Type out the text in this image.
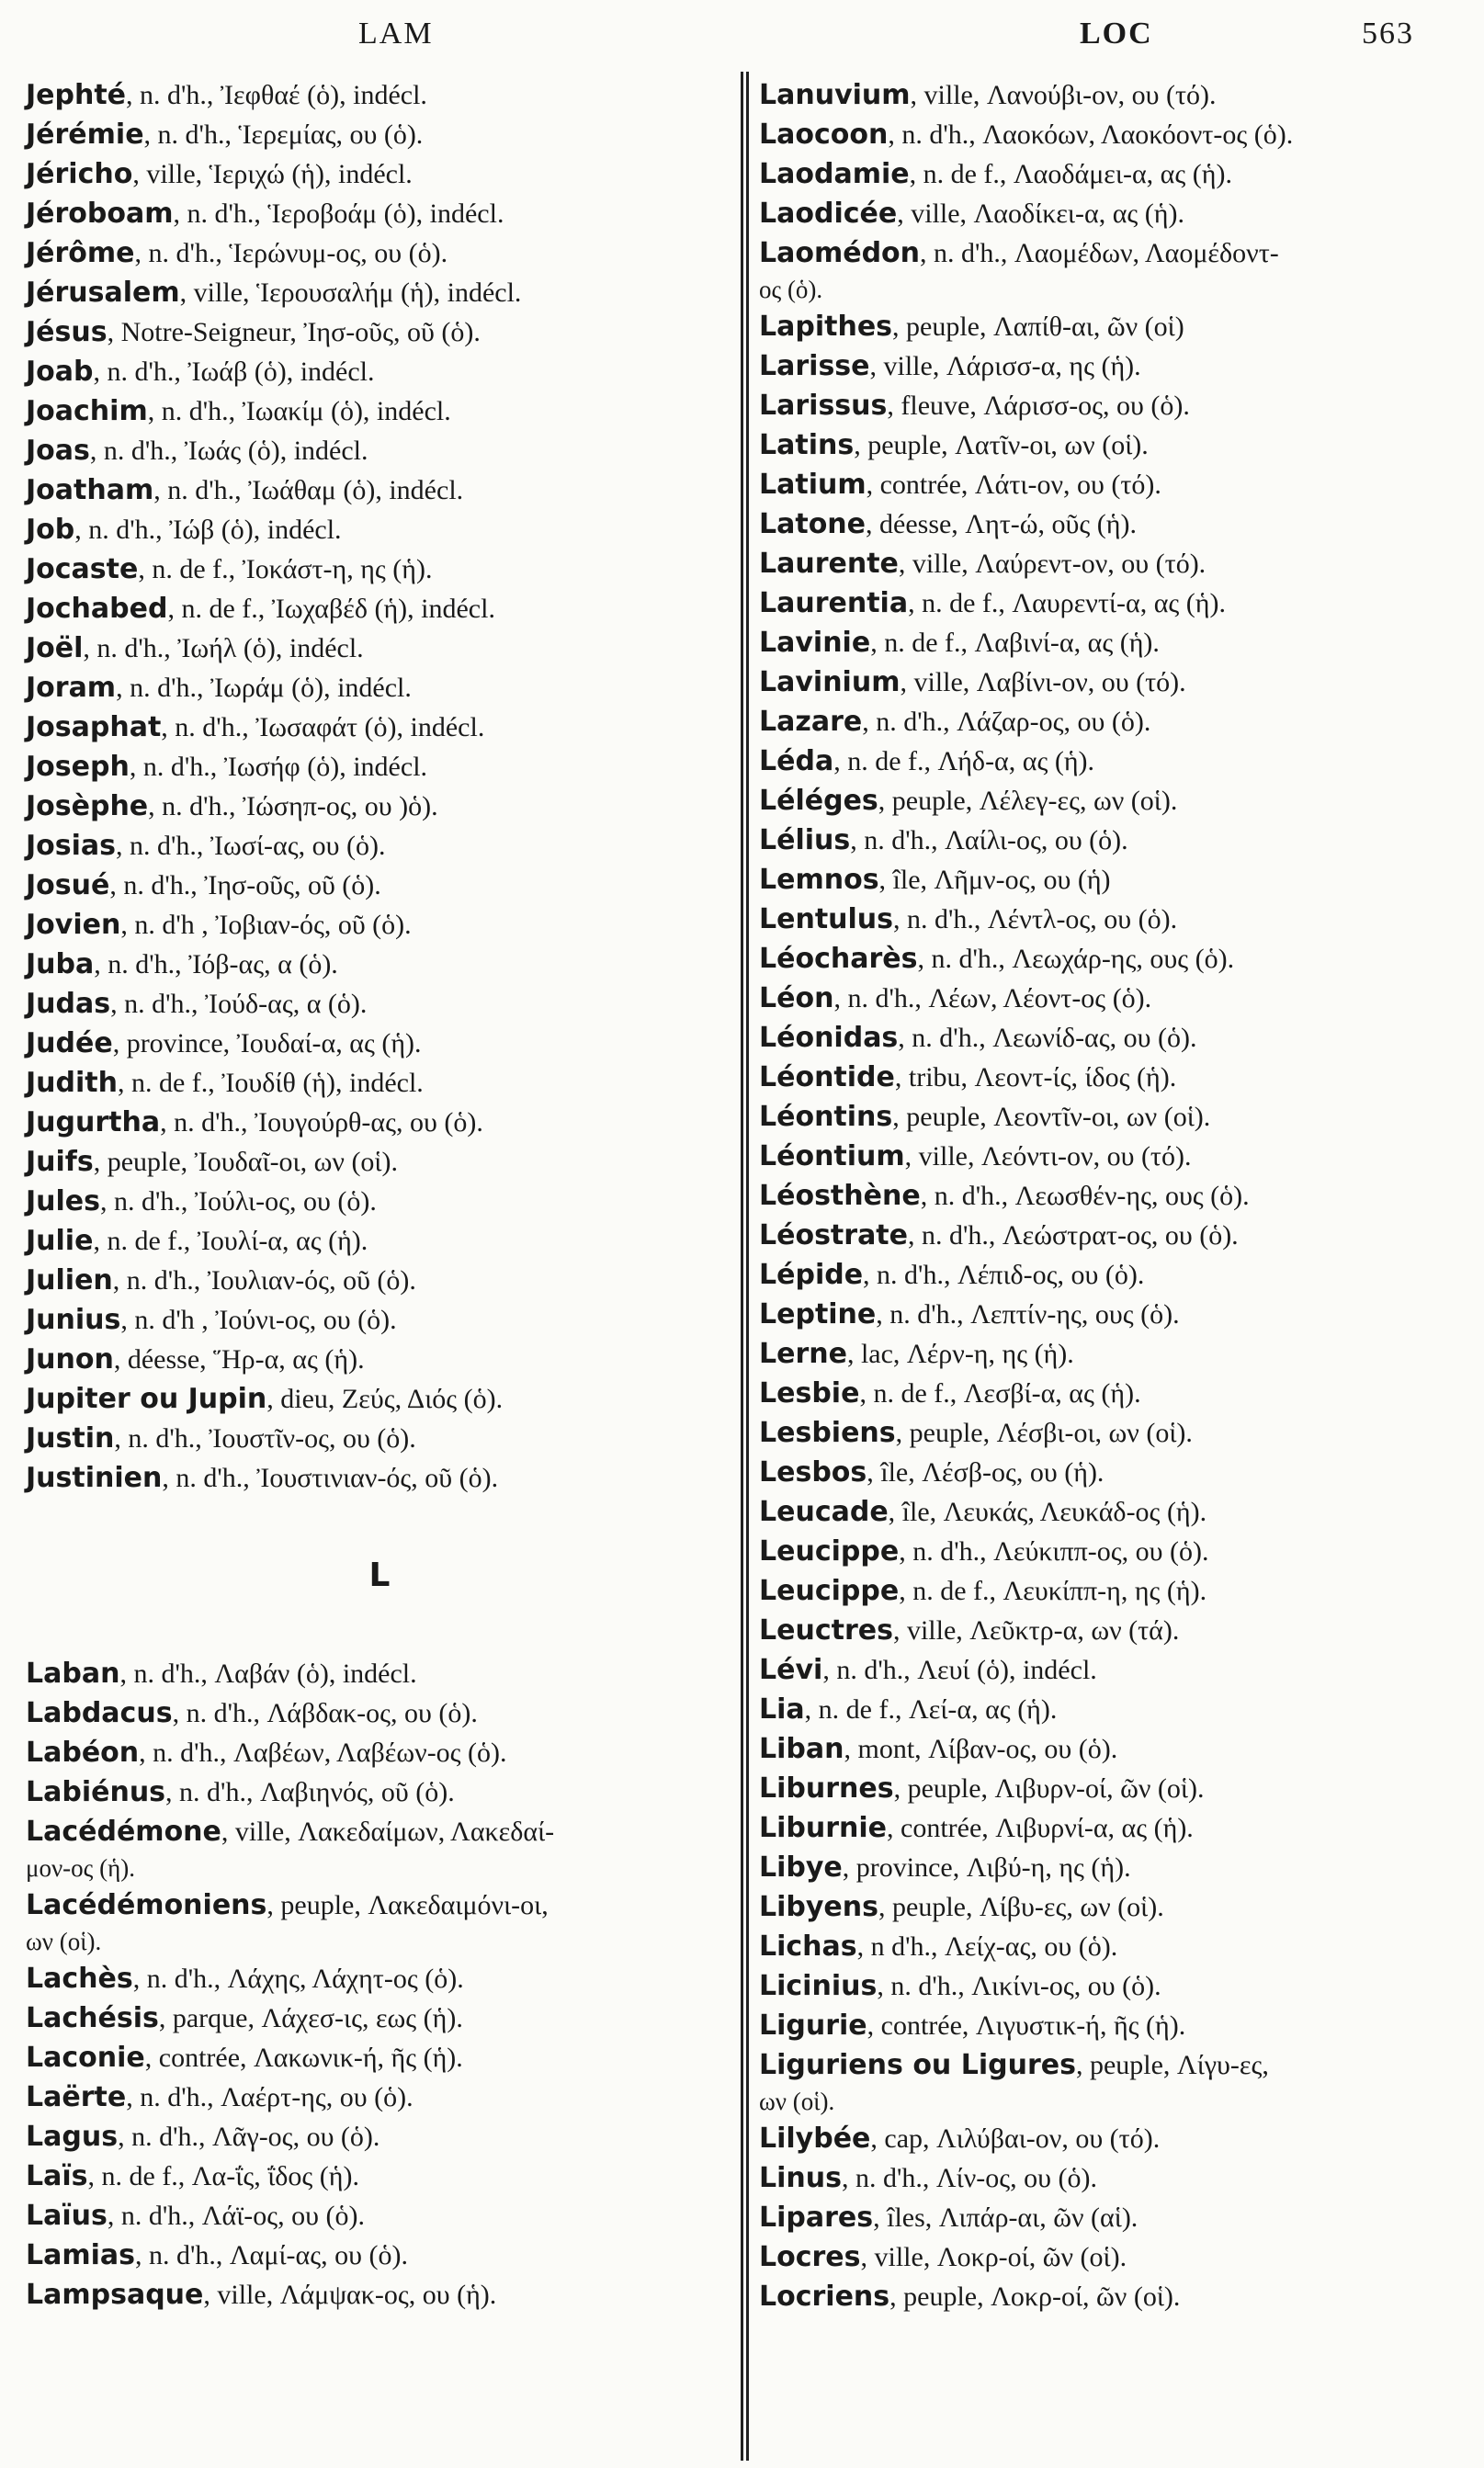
LAM	LOC	563
Jephté, n. d'h., Ἰεφθαέ (ὁ), indécl.
Jérémie, n. d'h., Ἱερεμίας, ου (ὁ).
Jéricho, ville, Ἱεριχώ (ἡ), indécl.
Jéroboam, n. d'h., Ἱεροβοάμ (ὁ), indécl.
Jérôme, n. d'h., Ἱερώνυμ-ος, ου (ὁ).
Jérusalem, ville, Ἱερουσαλήμ (ἡ), indécl.
Jésus, Notre-Seigneur, Ἰησ-οῦς, οῦ (ὁ).
Joab, n. d'h., Ἰωάβ (ὁ), indécl.
Joachim, n. d'h., Ἰωακίμ (ὁ), indécl.
Joas, n. d'h., Ἰωάς (ὁ), indécl.
Joatham, n. d'h., Ἰωάθαμ (ὁ), indécl.
Job, n. d'h., Ἰώβ (ὁ), indécl.
Jocaste, n. de f., Ἰοκάστ-η, ης (ἡ).
Jochabed, n. de f., Ἰωχαβέδ (ἡ), indécl.
Joël, n. d'h., Ἰωήλ (ὁ), indécl.
Joram, n. d'h., Ἰωράμ (ὁ), indécl.
Josaphat, n. d'h., Ἰωσαφάτ (ὁ), indécl.
Joseph, n. d'h., Ἰωσήφ (ὁ), indécl.
Josèphe, n. d'h., Ἰώσηπ-ος, ου )ὁ).
Josias, n. d'h., Ἰωσί-ας, ου (ὁ).
Josué, n. d'h., Ἰησ-οῦς, οῦ (ὁ).
Jovien, n. d'h , Ἰοβιαν-ός, οῦ (ὁ).
Juba, n. d'h., Ἰόβ-ας, α (ὁ).
Judas, n. d'h., Ἰούδ-ας, α (ὁ).
Judée, province, Ἰουδαί-α, ας (ἡ).
Judith, n. de f., Ἰουδίθ (ἡ), indécl.
Jugurtha, n. d'h., Ἰουγούρθ-ας, ου (ὁ).
Juifs, peuple, Ἰουδαῖ-οι, ων (οἱ).
Jules, n. d'h., Ἰούλι-ος, ου (ὁ).
Julie, n. de f., Ἰουλί-α, ας (ἡ).
Julien, n. d'h., Ἰουλιαν-ός, οῦ (ὁ).
Junius, n. d'h , Ἰούνι-ος, ου (ὁ).
Junon, déesse, Ἥρ-α, ας (ἡ).
Jupiter ou Jupin, dieu, Ζεύς, Διός (ὁ).
Justin, n. d'h., Ἰουστῖν-ος, ου (ὁ).
Justinien, n. d'h., Ἰουστινιαν-ός, οῦ (ὁ).
L
Laban, n. d'h., Λαβάν (ὁ), indécl.
Labdacus, n. d'h., Λάβδακ-ος, ου (ὁ).
Labéon, n. d'h., Λαβέων, Λαβέων-ος (ὁ).
Labiénus, n. d'h., Λαβιηνός, οῦ (ὁ).
Lacédémone, ville, Λακεδαίμων, Λακεδαί-
μον-ος (ἡ).
Lacédémoniens, peuple, Λακεδαιμόνι-οι,
ων (οἱ).
Lachès, n. d'h., Λάχης, Λάχητ-ος (ὁ).
Lachésis, parque, Λάχεσ-ις, εως (ἡ).
Laconie, contrée, Λακωνικ-ή, ῆς (ἡ).
Laërte, n. d'h., Λαέρτ-ης, ου (ὁ).
Lagus, n. d'h., Λᾶγ-ος, ου (ὁ).
Laïs, n. de f., Λα-ΐς, ΐδος (ἡ).
Laïus, n. d'h., Λάϊ-ος, ου (ὁ).
Lamias, n. d'h., Λαμί-ας, ου (ὁ).
Lampsaque, ville, Λάμψακ-ος, ου (ἡ).
Lanuvium, ville, Λανούβι-ον, ου (τό).
Laocoon, n. d'h., Λαοκόων, Λαοκόοντ-ος (ὁ).
Laodamie, n. de f., Λαοδάμει-α, ας (ἡ).
Laodicée, ville, Λαοδίκει-α, ας (ἡ).
Laomédon, n. d'h., Λαομέδων, Λαομέδοντ-
ος (ὁ).
Lapithes, peuple, Λαπίθ-αι, ῶν (οἱ)
Larisse, ville, Λάρισσ-α, ης (ἡ).
Larissus, fleuve, Λάρισσ-ος, ου (ὁ).
Latins, peuple, Λατῖν-οι, ων (οἱ).
Latium, contrée, Λάτι-ον, ου (τό).
Latone, déesse, Λητ-ώ, οῦς (ἡ).
Laurente, ville, Λαύρεντ-ον, ου (τό).
Laurentia, n. de f., Λαυρεντί-α, ας (ἡ).
Lavinie, n. de f., Λαβινί-α, ας (ἡ).
Lavinium, ville, Λαβίνι-ον, ου (τό).
Lazare, n. d'h., Λάζαρ-ος, ου (ὁ).
Léda, n. de f., Λήδ-α, ας (ἡ).
Léléges, peuple, Λέλεγ-ες, ων (οἱ).
Lélius, n. d'h., Λαίλι-ος, ου (ὁ).
Lemnos, île, Λῆμν-ος, ου (ἡ)
Lentulus, n. d'h., Λέντλ-ος, ου (ὁ).
Léocharès, n. d'h., Λεωχάρ-ης, ους (ὁ).
Léon, n. d'h., Λέων, Λέοντ-ος (ὁ).
Léonidas, n. d'h., Λεωνίδ-ας, ου (ὁ).
Léontide, tribu, Λεοντ-ίς, ίδος (ἡ).
Léontins, peuple, Λεοντῖν-οι, ων (οἱ).
Léontium, ville, Λεόντι-ον, ου (τό).
Léosthène, n. d'h., Λεωσθέν-ης, ους (ὁ).
Léostrate, n. d'h., Λεώστρατ-ος, ου (ὁ).
Lépide, n. d'h., Λέπιδ-ος, ου (ὁ).
Leptine, n. d'h., Λεπτίν-ης, ους (ὁ).
Lerne, lac, Λέρν-η, ης (ἡ).
Lesbie, n. de f., Λεσβί-α, ας (ἡ).
Lesbiens, peuple, Λέσβι-οι, ων (οἱ).
Lesbos, île, Λέσβ-ος, ου (ἡ).
Leucade, île, Λευκάς, Λευκάδ-ος (ἡ).
Leucippe, n. d'h., Λεύκιππ-ος, ου (ὁ).
Leucippe, n. de f., Λευκίππ-η, ης (ἡ).
Leuctres, ville, Λεῦκτρ-α, ων (τά).
Lévi, n. d'h., Λευί (ὁ), indécl.
Lia, n. de f., Λεί-α, ας (ἡ).
Liban, mont, Λίβαν-ος, ου (ὁ).
Liburnes, peuple, Λιβυρν-οί, ῶν (οἱ).
Liburnie, contrée, Λιβυρνί-α, ας (ἡ).
Libye, province, Λιβύ-η, ης (ἡ).
Libyens, peuple, Λίβυ-ες, ων (οἱ).
Lichas, n d'h., Λείχ-ας, ου (ὁ).
Licinius, n. d'h., Λικίνι-ος, ου (ὁ).
Ligurie, contrée, Λιγυστικ-ή, ῆς (ἡ).
Liguriens ou Ligures, peuple, Λίγυ-ες,
ων (οἱ).
Lilybée, cap, Λιλύβαι-ον, ου (τό).
Linus, n. d'h., Λίν-ος, ου (ὁ).
Lipares, îles, Λιπάρ-αι, ῶν (αἱ).
Locres, ville, Λοκρ-οί, ῶν (οἱ).
Locriens, peuple, Λοκρ-οί, ῶν (οἱ).
